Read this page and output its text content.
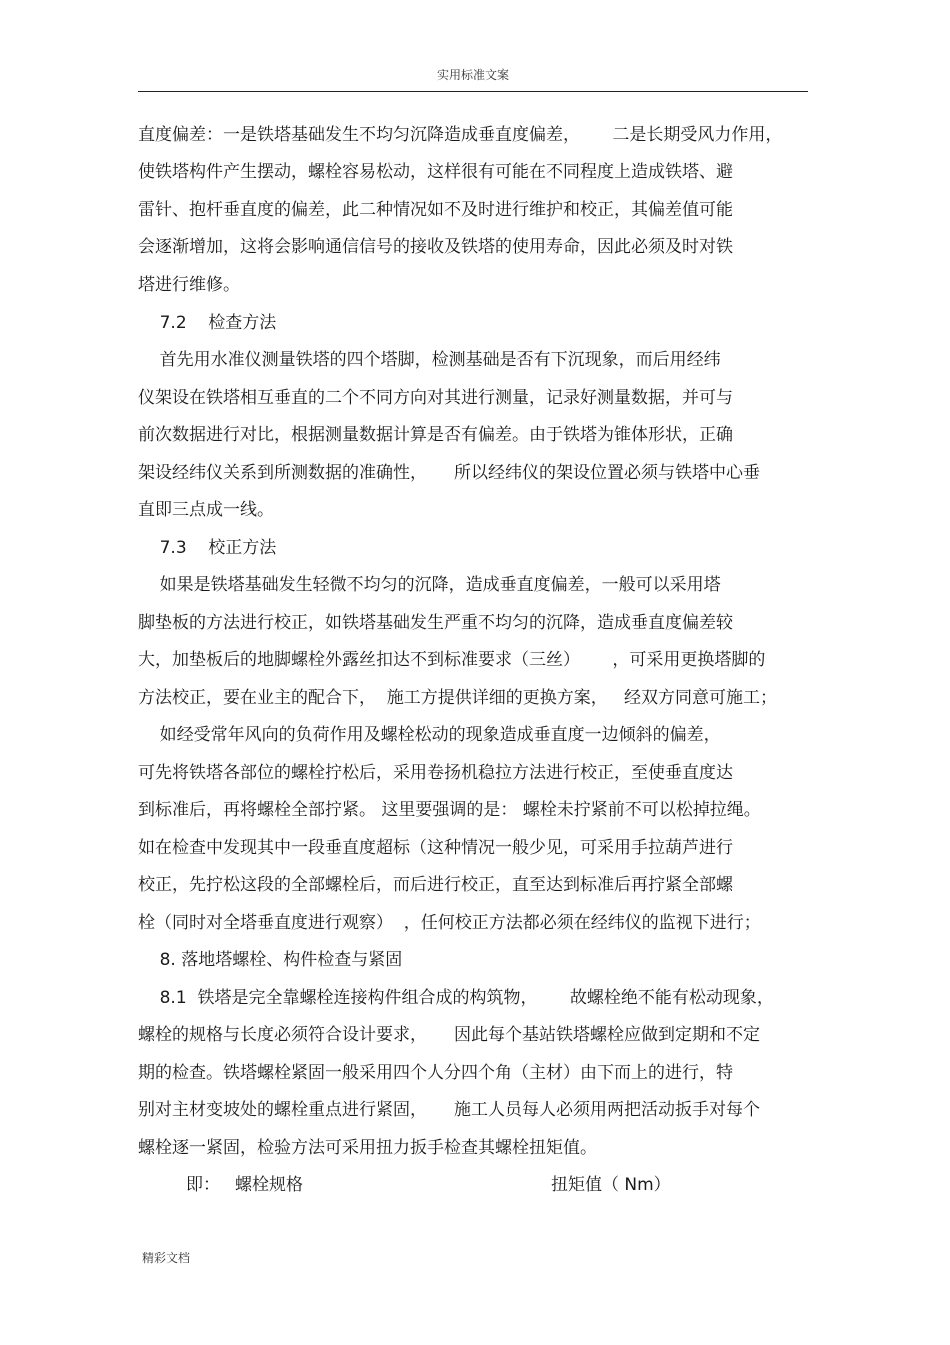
实用标准文案
直度偏差：一是铁塔基础发生不均匀沉降造成垂直度偏差，      二是长期受风力作用，
使铁塔构件产生摆动，螺栓容易松动，这样很有可能在不同程度上造成铁塔、避
雷针、抱杆垂直度的偏差，此二种情况如不及时进行维护和校正，其偏差值可能
会逐渐增加，这将会影响通信信号的接收及铁塔的使用寿命，因此必须及时对铁
塔进行维修。
7.2    检查方法
首先用水准仪测量铁塔的四个塔脚，检测基础是否有下沉现象，而后用经纬
仪架设在铁塔相互垂直的二个不同方向对其进行测量，记录好测量数据，并可与
前次数据进行对比，根据测量数据计算是否有偏差。由于铁塔为锥体形状，正确
架设经纬仪关系到所测数据的准确性，     所以经纬仪的架设位置必须与铁塔中心垂
直即三点成一线。
7.3    校正方法
如果是铁塔基础发生轻微不均匀的沉降，造成垂直度偏差，一般可以采用塔
脚垫板的方法进行校正，如铁塔基础发生严重不均匀的沉降，造成垂直度偏差较
大，加垫板后的地脚螺栓外露丝扣达不到标准要求（三丝）      ，可采用更换塔脚的
方法校正，要在业主的配合下，  施工方提供详细的更换方案，   经双方同意可施工；
如经受常年风向的负荷作用及螺栓松动的现象造成垂直度一边倾斜的偏差，
可先将铁塔各部位的螺栓拧松后，采用卷扬机稳拉方法进行校正，至使垂直度达
到标准后，再将螺栓全部拧紧。 这里要强调的是： 螺栓未拧紧前不可以松掉拉绳。
如在检查中发现其中一段垂直度超标（这种情况一般少见，可采用手拉葫芦进行
校正，先拧松这段的全部螺栓后，而后进行校正，直至达到标准后再拧紧全部螺
栓（同时对全塔垂直度进行观察）  ，任何校正方法都必须在经纬仪的监视下进行；
8. 落地塔螺栓、构件检查与紧固
8.1  铁塔是完全靠螺栓连接构件组合成的构筑物，      故螺栓绝不能有松动现象，
螺栓的规格与长度必须符合设计要求，     因此每个基站铁塔螺栓应做到定期和不定
期的检查。铁塔螺栓紧固一般采用四个人分四个角（主材）由下而上的进行，特
别对主材变坡处的螺栓重点进行紧固，     施工人员每人必须用两把活动扳手对每个
螺栓逐一紧固，检验方法可采用扭力扳手检查其螺栓扭矩值。
即： 螺栓规格	扭矩值（ Nm）
精彩文档
